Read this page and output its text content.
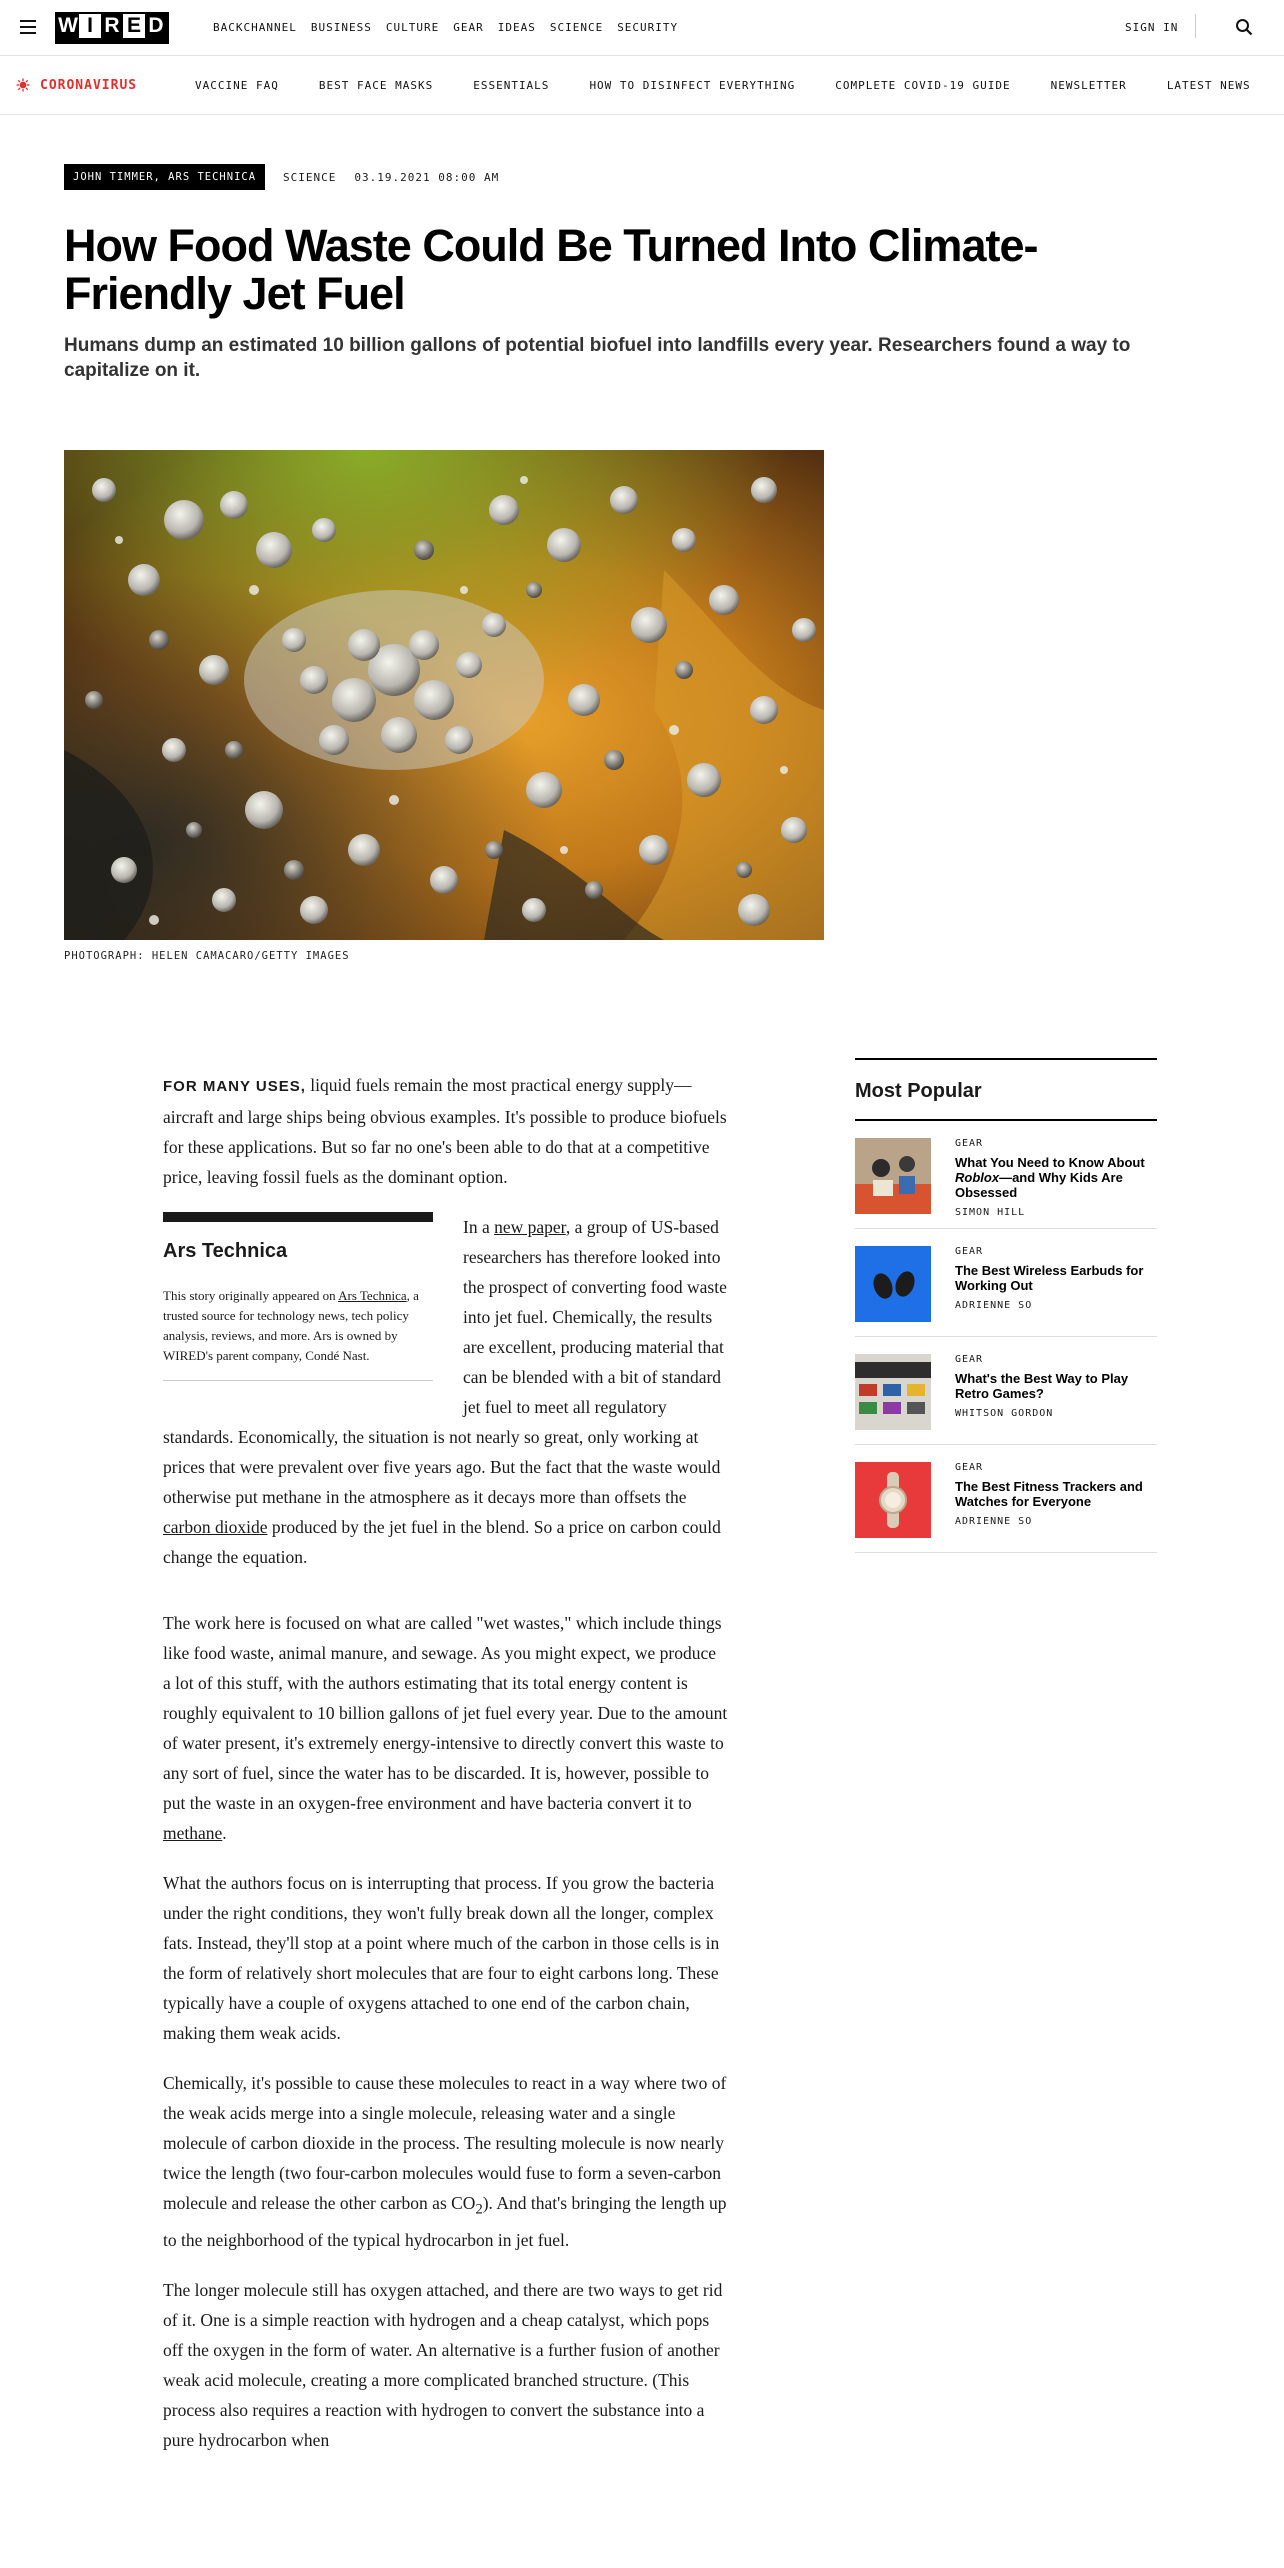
W I R E D	BACKCHANNEL BUSINESS CULTURE GEAR IDEAS SCIENCE SECURITY	SIGN IN
CORONAVIRUS	VACCINE FAQ	BEST FACE MASKS	ESSENTIALS	HOW TO DISINFECT EVERYTHING	COMPLETE COVID-19 GUIDE	NEWSLETTER	LATEST NEWS
JOHN TIMMER, ARS TECHNICA	SCIENCE 03.19.2021 08:00 AM
How Food Waste Could Be Turned Into Climate-Friendly Jet Fuel

Humans dump an estimated 10 billion gallons of potential biofuel into landfills every year. Researchers found a way to capitalize on it.

PHOTOGRAPH: HELEN CAMACARO/GETTY IMAGES

FOR MANY USES, liquid fuels remain the most practical energy supply—aircraft and large ships being obvious examples. It's possible to produce biofuels for these applications. But so far no one's been able to do that at a competitive price, leaving fossil fuels as the dominant option.

Ars Technica

This story originally appeared on Ars Technica, a trusted source for technology news, tech policy analysis, reviews, and more. Ars is owned by WIRED's parent company, Condé Nast.

In a new paper, a group of US-based researchers has therefore looked into the prospect of converting food waste into jet fuel. Chemically, the results are excellent, producing material that can be blended with a bit of standard jet fuel to meet all regulatory standards. Economically, the situation is not nearly so great, only working at prices that were prevalent over five years ago. But the fact that the waste would otherwise put methane in the atmosphere as it decays more than offsets the carbon dioxide produced by the jet fuel in the blend. So a price on carbon could change the equation.

The work here is focused on what are called "wet wastes," which include things like food waste, animal manure, and sewage. As you might expect, we produce a lot of this stuff, with the authors estimating that its total energy content is roughly equivalent to 10 billion gallons of jet fuel every year. Due to the amount of water present, it's extremely energy-intensive to directly convert this waste to any sort of fuel, since the water has to be discarded. It is, however, possible to put the waste in an oxygen-free environment and have bacteria convert it to methane.

What the authors focus on is interrupting that process. If you grow the bacteria under the right conditions, they won't fully break down all the longer, complex fats. Instead, they'll stop at a point where much of the carbon in those cells is in the form of relatively short molecules that are four to eight carbons long. These typically have a couple of oxygens attached to one end of the carbon chain, making them weak acids.

Chemically, it's possible to cause these molecules to react in a way where two of the weak acids merge into a single molecule, releasing water and a single molecule of carbon dioxide in the process. The resulting molecule is now nearly twice the length (two four-carbon molecules would fuse to form a seven-carbon molecule and release the other carbon as $CO_2$). And that's bringing the length up to the neighborhood of the typical hydrocarbon in jet fuel.

The longer molecule still has oxygen attached, and there are two ways to get rid of it. One is a simple reaction with hydrogen and a cheap catalyst, which pops off the oxygen in the form of water. An alternative is a further fusion of another weak acid molecule, creating a more complicated branched structure. (This process also requires a reaction with hydrogen to convert the substance into a pure hydrocarbon when

Most Popular
GEAR
What You Need to Know About Roblox—and Why Kids Are Obsessed
SIMON HILL
GEAR
The Best Wireless Earbuds for Working Out
ADRIENNE SO
GEAR
What's the Best Way to Play Retro Games?
WHITSON GORDON
GEAR
The Best Fitness Trackers and Watches for Everyone
ADRIENNE SO
